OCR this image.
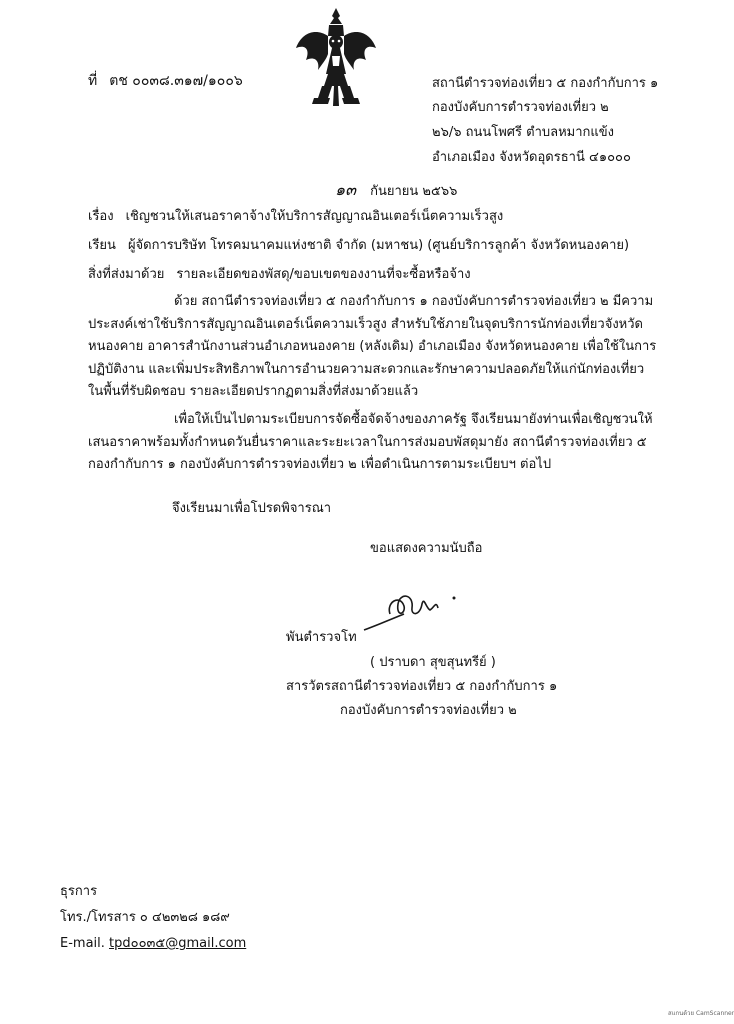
ที่ ตช ๐๐๓๘.๓๑๗/๑๐๐๖	สถานีตำรวจท่องเที่ยว ๕ กองกำกับการ ๑
กองบังคับการตำรวจท่องเที่ยว ๒
๒๖/๖ ถนนโพศรี ตำบลหมากแข้ง
อำเภอเมือง จังหวัดอุดรธานี ๔๑๐๐๐
๑๓ กันยายน ๒๕๖๖
เรื่อง เชิญชวนให้เสนอราคาจ้างให้บริการสัญญาณอินเตอร์เน็ตความเร็วสูง
เรียน ผู้จัดการบริษัท โทรคมนาคมแห่งชาติ จำกัด (มหาชน) (ศูนย์บริการลูกค้า จังหวัดหนองคาย)
สิ่งที่ส่งมาด้วย รายละเอียดของพัสดุ/ขอบเขตของงานที่จะซื้อหรือจ้าง
ด้วย สถานีตำรวจท่องเที่ยว ๕ กองกำกับการ ๑ กองบังคับการตำรวจท่องเที่ยว ๒ มีความ
ประสงค์เช่าใช้บริการสัญญาณอินเตอร์เน็ตความเร็วสูง สำหรับใช้ภายในจุดบริการนักท่องเที่ยวจังหวัด
หนองคาย อาคารสำนักงานส่วนอำเภอหนองคาย (หลังเดิม) อำเภอเมือง จังหวัดหนองคาย เพื่อใช้ในการ
ปฏิบัติงาน และเพิ่มประสิทธิภาพในการอำนวยความสะดวกและรักษาความปลอดภัยให้แก่นักท่องเที่ยว
ในพื้นที่รับผิดชอบ รายละเอียดปรากฏตามสิ่งที่ส่งมาด้วยแล้ว
เพื่อให้เป็นไปตามระเบียบการจัดซื้อจัดจ้างของภาครัฐ จึงเรียนมายังท่านเพื่อเชิญชวนให้
เสนอราคาพร้อมทั้งกำหนดวันยื่นราคาและระยะเวลาในการส่งมอบพัสดุมายัง สถานีตำรวจท่องเที่ยว ๕
กองกำกับการ ๑ กองบังคับการตำรวจท่องเที่ยว ๒ เพื่อดำเนินการตามระเบียบฯ ต่อไป
จึงเรียนมาเพื่อโปรดพิจารณา
ขอแสดงความนับถือ
พันตำรวจโท
( ปราบดา สุขสุนทรีย์ )
สารวัตรสถานีตำรวจท่องเที่ยว ๕ กองกำกับการ ๑
กองบังคับการตำรวจท่องเที่ยว ๒
ธุรการ
โทร./โทรสาร ๐ ๔๒๓๒๘ ๑๘๙
E-mail. tpd๐๐๓๕@gmail.com
สแกนด้วย CamScanner
